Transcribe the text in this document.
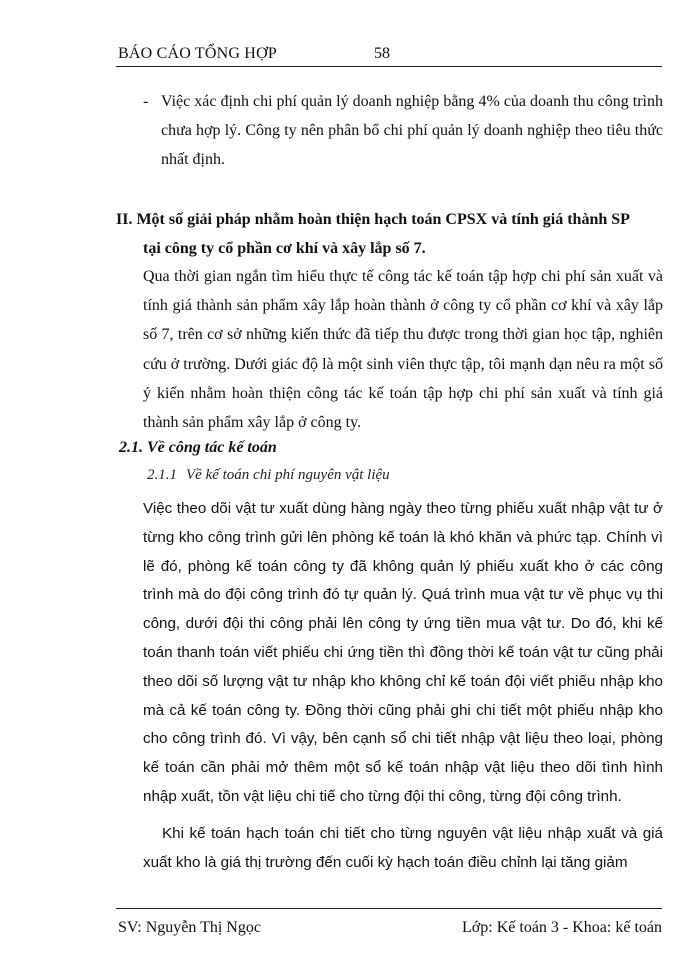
BÁO CÁO TỔNG HỢP	58
- Việc xác định chi phí quản lý doanh nghiệp bằng 4% của doanh thu công trình chưa hợp lý. Công ty nên phân bổ chi phí quản lý doanh nghiệp theo tiêu thức nhất định.
II. Một số giải pháp nhằm hoàn thiện hạch toán CPSX và tính giá thành SP
tại công ty cổ phần cơ khí và xây lắp số 7.
Qua thời gian ngắn tìm hiểu thực tế công tác kế toán tập hợp chi phí sản xuất và tính giá thành sản phẩm xây lắp hoàn thành ở công ty cổ phần cơ khí và xây lắp số 7, trên cơ sở những kiến thức đã tiếp thu được trong thời gian học tập, nghiên cứu ở trường. Dưới giác độ là một sinh viên thực tập, tôi mạnh dạn nêu ra một số ý kiến nhằm hoàn thiện công tác kế toán tập hợp chi phí sản xuất và tính giá thành sản phẩm xây lắp ở công ty.
2.1. Về công tác kế toán
2.1.1 Về kế toán chi phí nguyên vật liệu
Việc theo dõi vật tư xuất dùng hàng ngày theo từng phiếu xuất nhập vật tư ở từng kho công trình gửi lên phòng kế toán là khó khăn và phức tạp. Chính vì lẽ đó, phòng kế toán công ty đã không quản lý phiếu xuất kho ở các công trình mà do đội công trình đó tự quản lý. Quá trình mua vật tư về phục vụ thi công, dưới đội thi công phải lên công ty ứng tiền mua vật tư. Do đó, khi kế toán thanh toán viết phiếu chi ứng tiền thì đồng thời kế toán vật tư cũng phải theo dõi số lượng vật tư nhập kho không chỉ kế toán đội viết phiếu nhập kho mà cả kế toán công ty. Đồng thời cũng phải ghi chi tiết một phiếu nhập kho cho công trình đó. Vì vậy, bên cạnh sổ chi tiết nhập vật liệu theo loại, phòng kế toán cần phải mở thêm một sổ kế toán nhập vật liệu theo dõi tình hình nhập xuất, tồn vật liệu chi tiế cho từng đội thi công, từng đội công trình.
Khi kế toán hạch toán chi tiết cho từng nguyên vật liệu nhập xuất và giá xuất kho là giá thị trường đến cuối kỳ hạch toán điều chỉnh lại tăng giảm
SV: Nguyễn Thị Ngọc	Lớp: Kế toán 3 - Khoa: kế toán
